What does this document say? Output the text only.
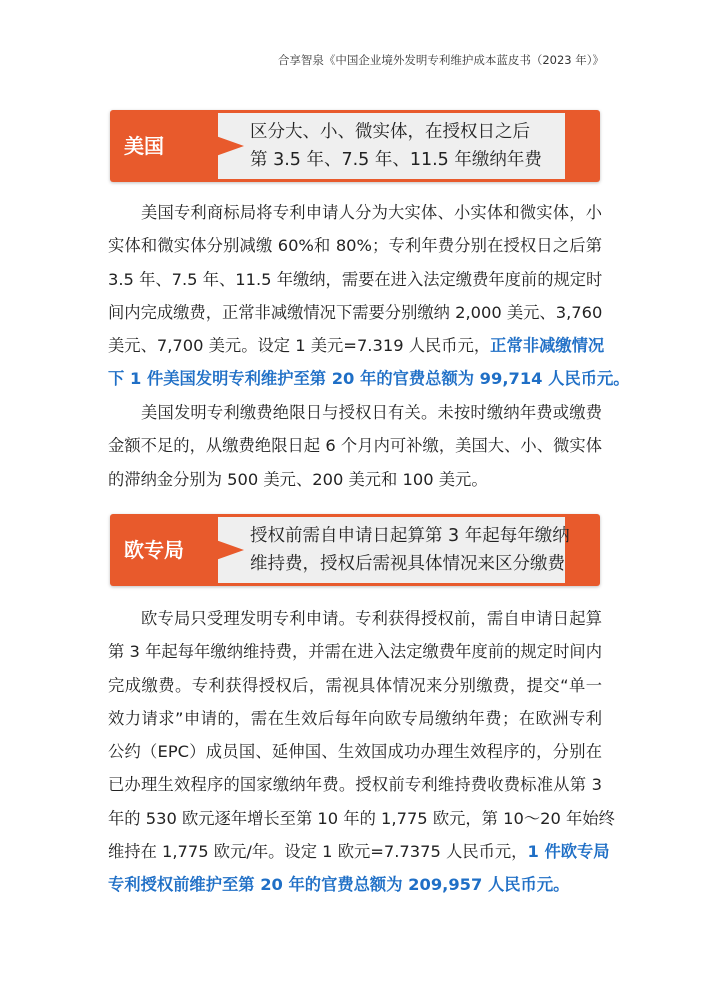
合享智泉《中国企业境外发明专利维护成本蓝皮书（2023 年）》
美国
区分大、小、微实体，在授权日之后
第 3.5 年、7.5 年、11.5 年缴纳年费
美国专利商标局将专利申请人分为大实体、小实体和微实体，小
实体和微实体分别减缴 60%和 80%；专利年费分别在授权日之后第
3.5 年、7.5 年、11.5 年缴纳，需要在进入法定缴费年度前的规定时
间内完成缴费，正常非减缴情况下需要分别缴纳 2,000 美元、3,760
美元、7,700 美元。设定 1 美元=7.319 人民币元，正常非减缴情况
下 1 件美国发明专利维护至第 20 年的官费总额为 99,714 人民币元。
美国发明专利缴费绝限日与授权日有关。未按时缴纳年费或缴费
金额不足的，从缴费绝限日起 6 个月内可补缴，美国大、小、微实体
的滞纳金分别为 500 美元、200 美元和 100 美元。
欧专局
授权前需自申请日起算第 3 年起每年缴纳
维持费，授权后需视具体情况来区分缴费
欧专局只受理发明专利申请。专利获得授权前，需自申请日起算
第 3 年起每年缴纳维持费，并需在进入法定缴费年度前的规定时间内
完成缴费。专利获得授权后，需视具体情况来分别缴费，提交“单一
效力请求”申请的，需在生效后每年向欧专局缴纳年费；在欧洲专利
公约（EPC）成员国、延伸国、生效国成功办理生效程序的，分别在
已办理生效程序的国家缴纳年费。授权前专利维持费收费标准从第 3
年的 530 欧元逐年增长至第 10 年的 1,775 欧元，第 10～20 年始终
维持在 1,775 欧元/年。设定 1 欧元=7.7375 人民币元，1 件欧专局
专利授权前维护至第 20 年的官费总额为 209,957 人民币元。
